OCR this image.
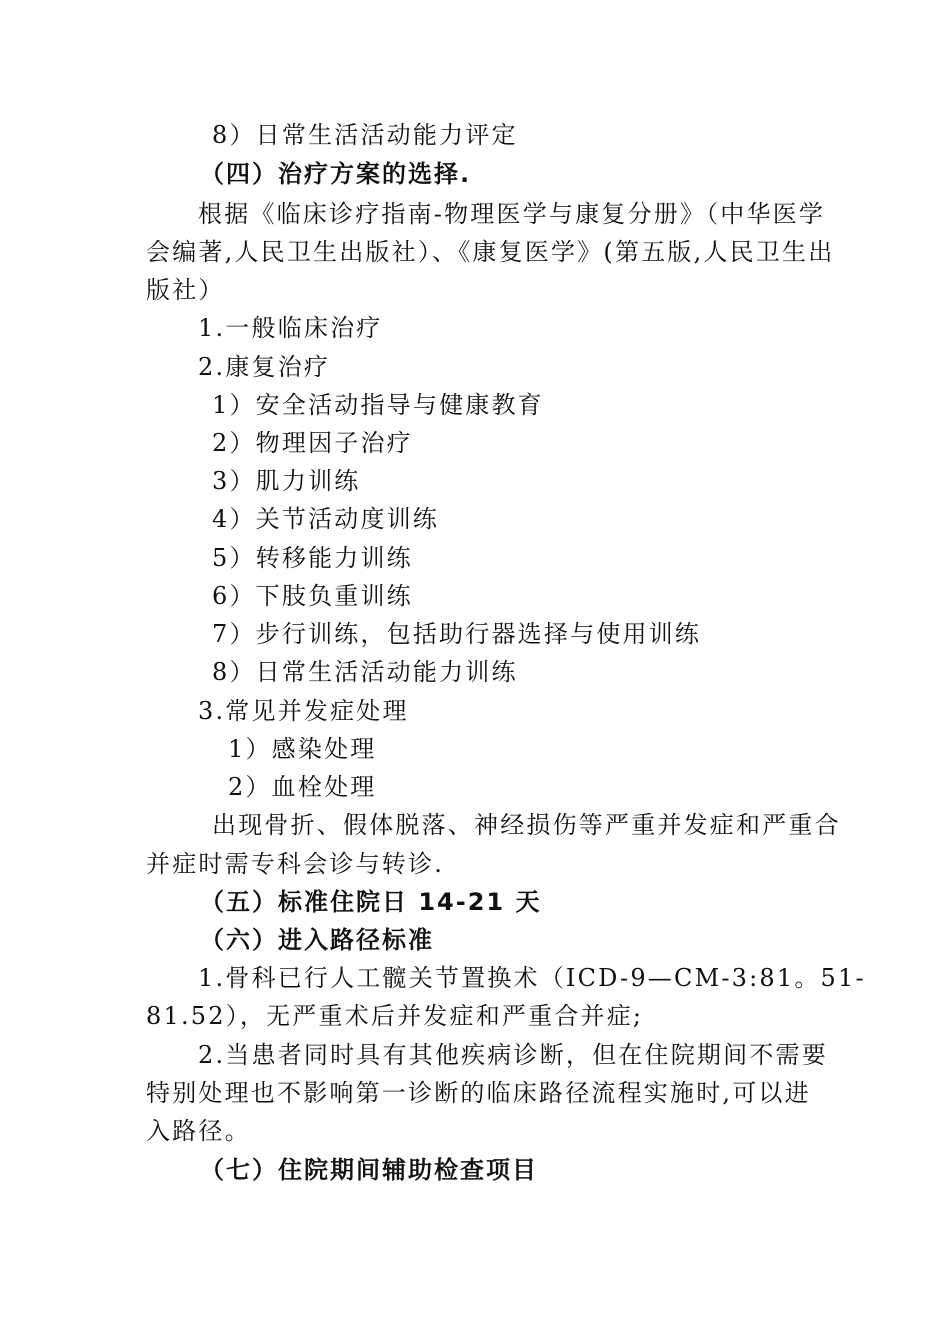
8）日常生活活动能力评定
（四）治疗方案的选择.
根据《临床诊疗指南-物理医学与康复分册》（中华医学
会编著,人民卫生出版社）、《康复医学》(第五版,人民卫生出
版社）
1.一般临床治疗
2.康复治疗
1）安全活动指导与健康教育
2）物理因子治疗
3）肌力训练
4）关节活动度训练
5）转移能力训练
6）下肢负重训练
7）步行训练，包括助行器选择与使用训练
8）日常生活活动能力训练
3.常见并发症处理
1）感染处理
2）血栓处理
出现骨折、假体脱落、神经损伤等严重并发症和严重合
并症时需专科会诊与转诊.
（五）标准住院日 14-21 天
（六）进入路径标准
1.骨科已行人工髋关节置换术（ICD-9—CM-3:81。51-
81.52），无严重术后并发症和严重合并症;
2.当患者同时具有其他疾病诊断，但在住院期间不需要
特别处理也不影响第一诊断的临床路径流程实施时,可以进
入路径。
（七）住院期间辅助检查项目
